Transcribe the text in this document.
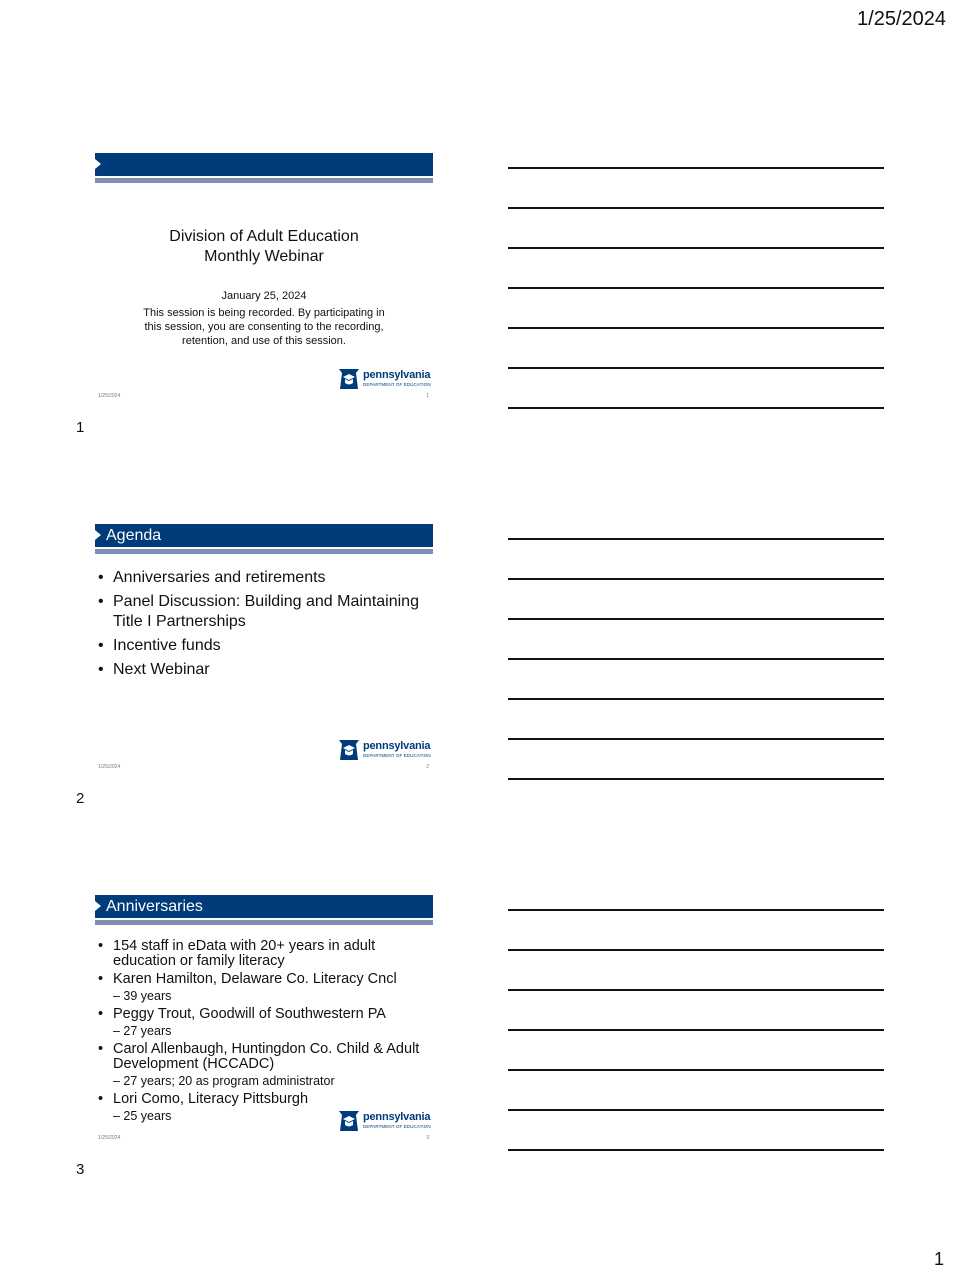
1/25/2024
Division of Adult Education
Monthly Webinar
January 25, 2024
This session is being recorded. By participating in this session, you are consenting to the recording, retention, and use of this session.
pennsylvania
DEPARTMENT OF EDUCATION
1/25/2024	1
1
Agenda
• Anniversaries and retirements
• Panel Discussion: Building and Maintaining Title I Partnerships
• Incentive funds
• Next Webinar
pennsylvania
DEPARTMENT OF EDUCATION
1/25/2024	2
2
Anniversaries
• 154 staff in eData with 20+ years in adult education or family literacy
• Karen Hamilton, Delaware Co. Literacy Cncl
– 39 years
• Peggy Trout, Goodwill of Southwestern PA
– 27 years
• Carol Allenbaugh, Huntingdon Co. Child & Adult Development (HCCADC)
– 27 years; 20 as program administrator
• Lori Como, Literacy Pittsburgh
– 25 years	pennsylvania
DEPARTMENT OF EDUCATION
1/25/2024	3
3
1
